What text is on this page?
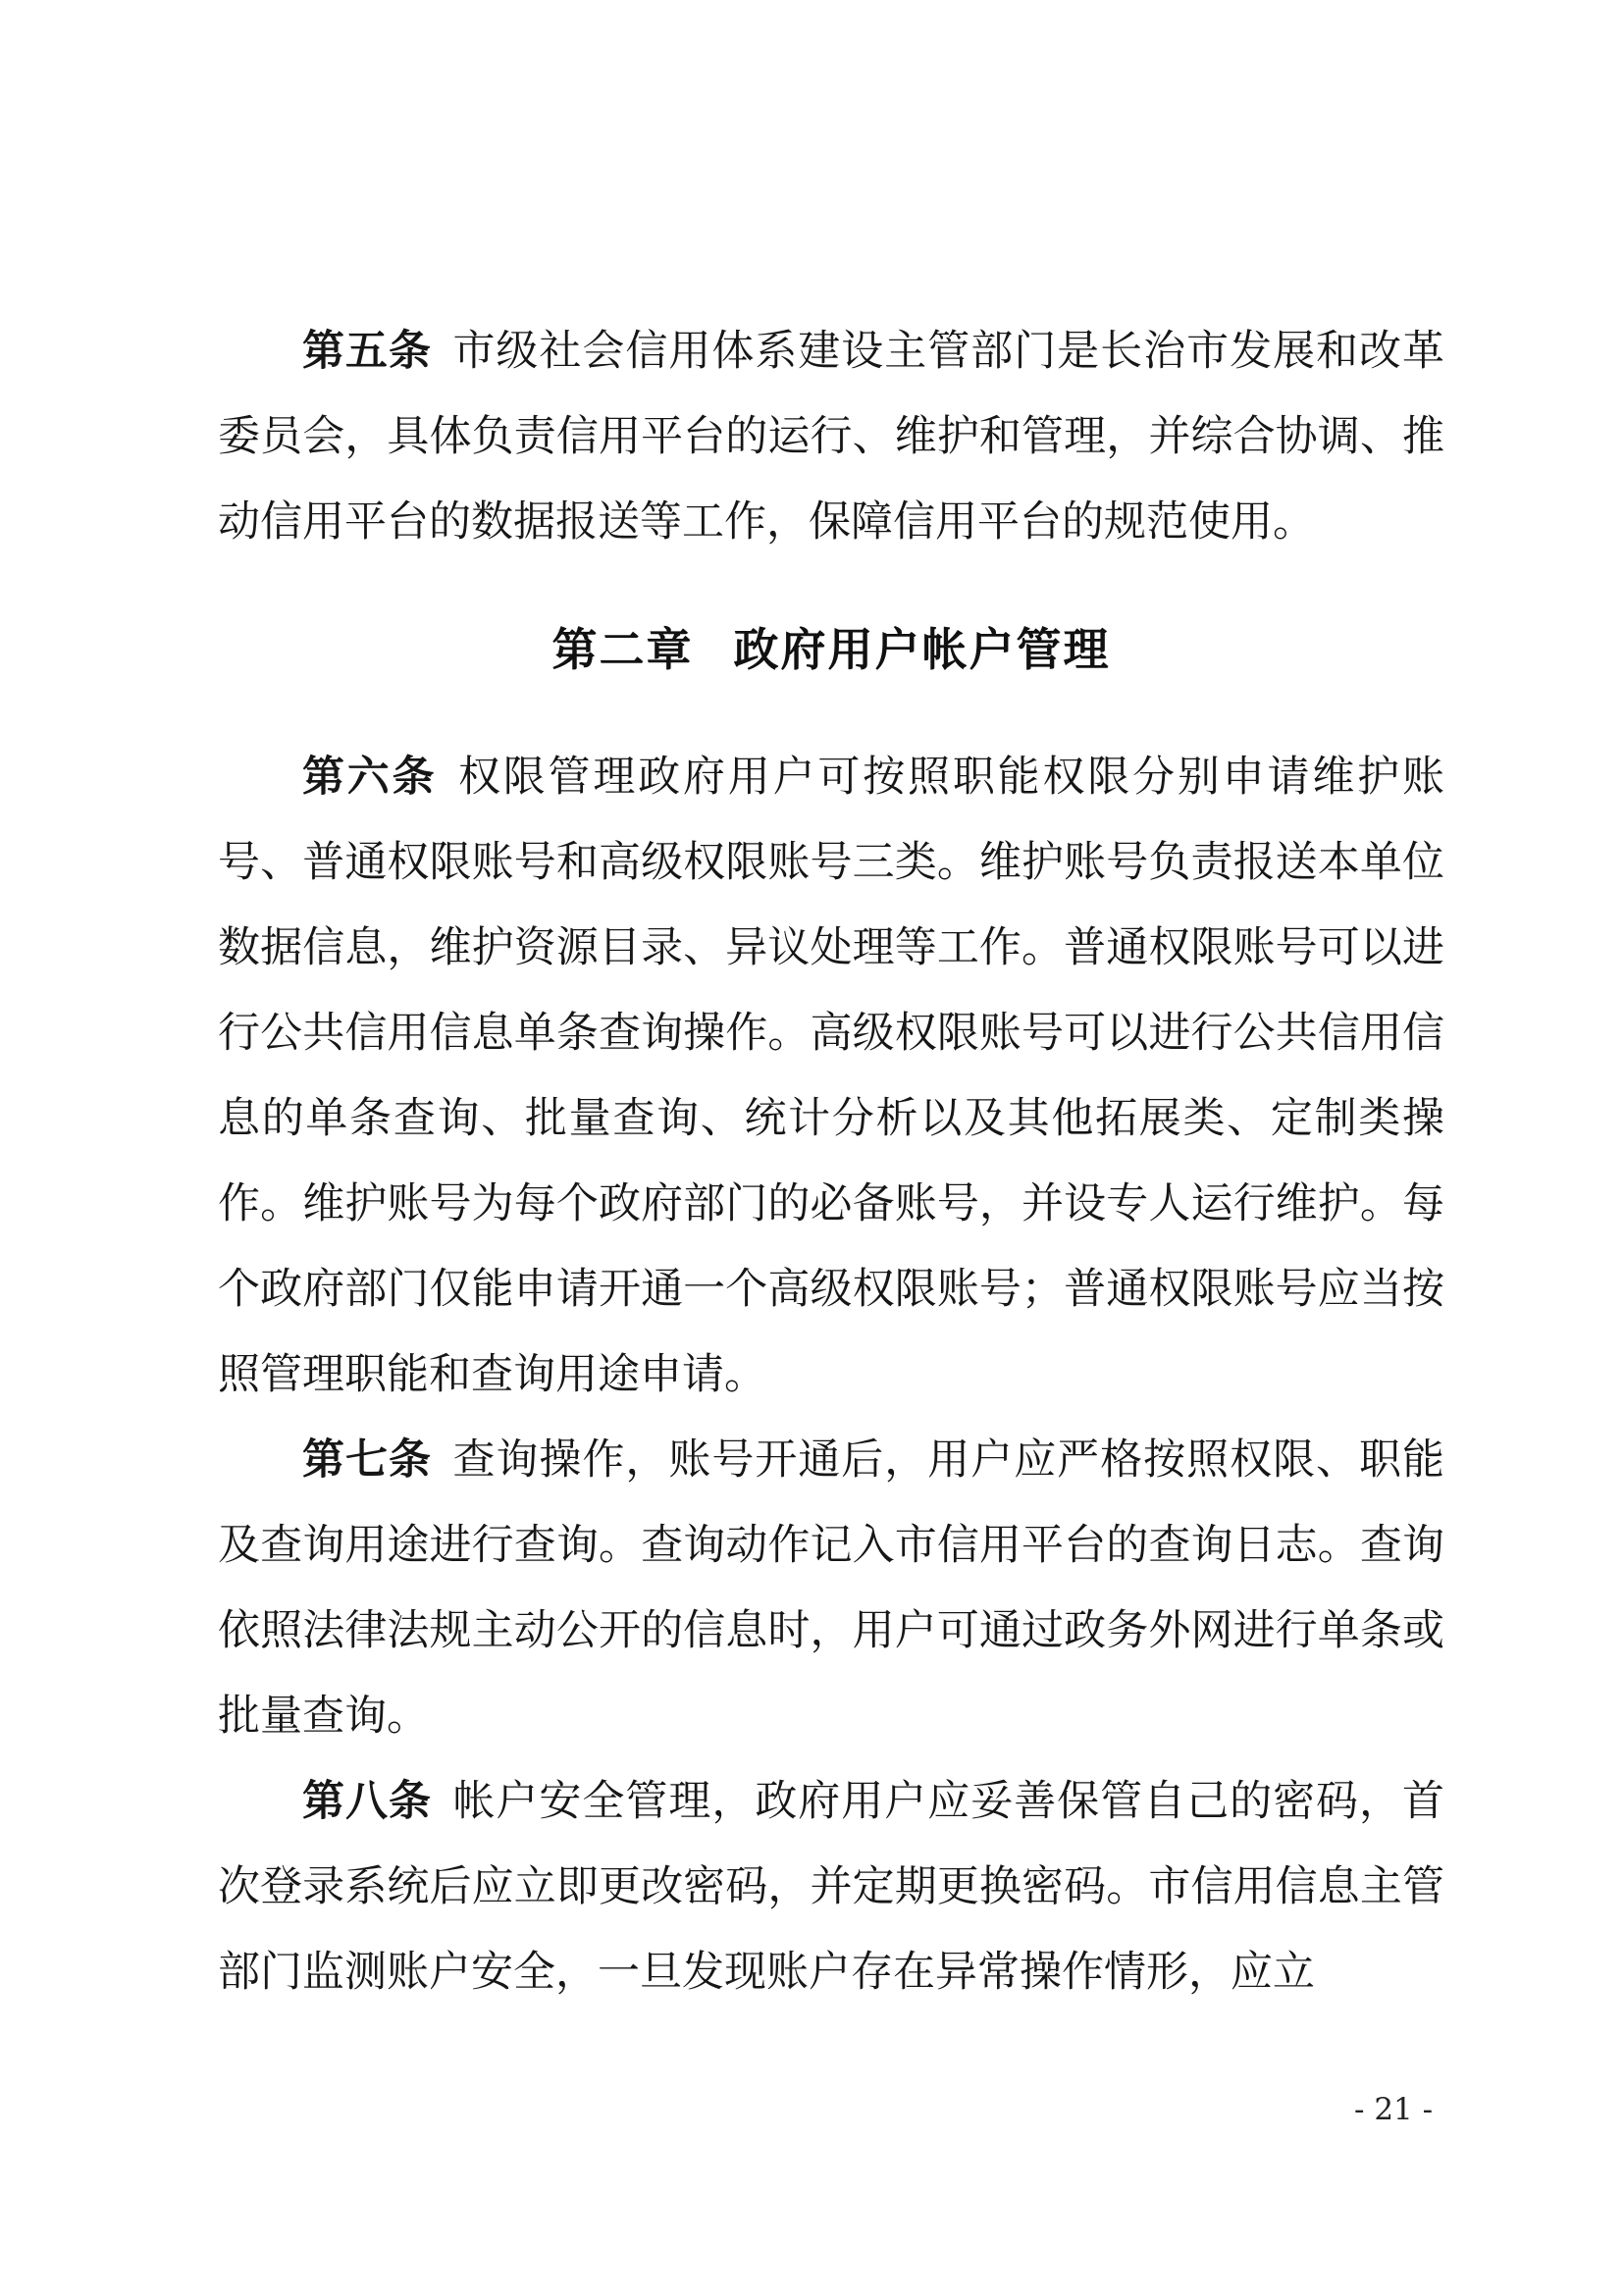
第五条 市级社会信用体系建设主管部门是长治市发展和改革委员会，具体负责信用平台的运行、维护和管理，并综合协调、推动信用平台的数据报送等工作，保障信用平台的规范使用。

第二章 政府用户帐户管理

第六条 权限管理政府用户可按照职能权限分别申请维护账号、普通权限账号和高级权限账号三类。维护账号负责报送本单位数据信息，维护资源目录、异议处理等工作。普通权限账号可以进行公共信用信息单条查询操作。高级权限账号可以进行公共信用信息的单条查询、批量查询、统计分析以及其他拓展类、定制类操作。维护账号为每个政府部门的必备账号，并设专人运行维护。每个政府部门仅能申请开通一个高级权限账号；普通权限账号应当按照管理职能和查询用途申请。

第七条 查询操作，账号开通后，用户应严格按照权限、职能及查询用途进行查询。查询动作记入市信用平台的查询日志。查询依照法律法规主动公开的信息时，用户可通过政务外网进行单条或批量查询。

第八条 帐户安全管理，政府用户应妥善保管自己的密码，首次登录系统后应立即更改密码，并定期更换密码。市信用信息主管部门监测账户安全，一旦发现账户存在异常操作情形，应立

- 21 -
